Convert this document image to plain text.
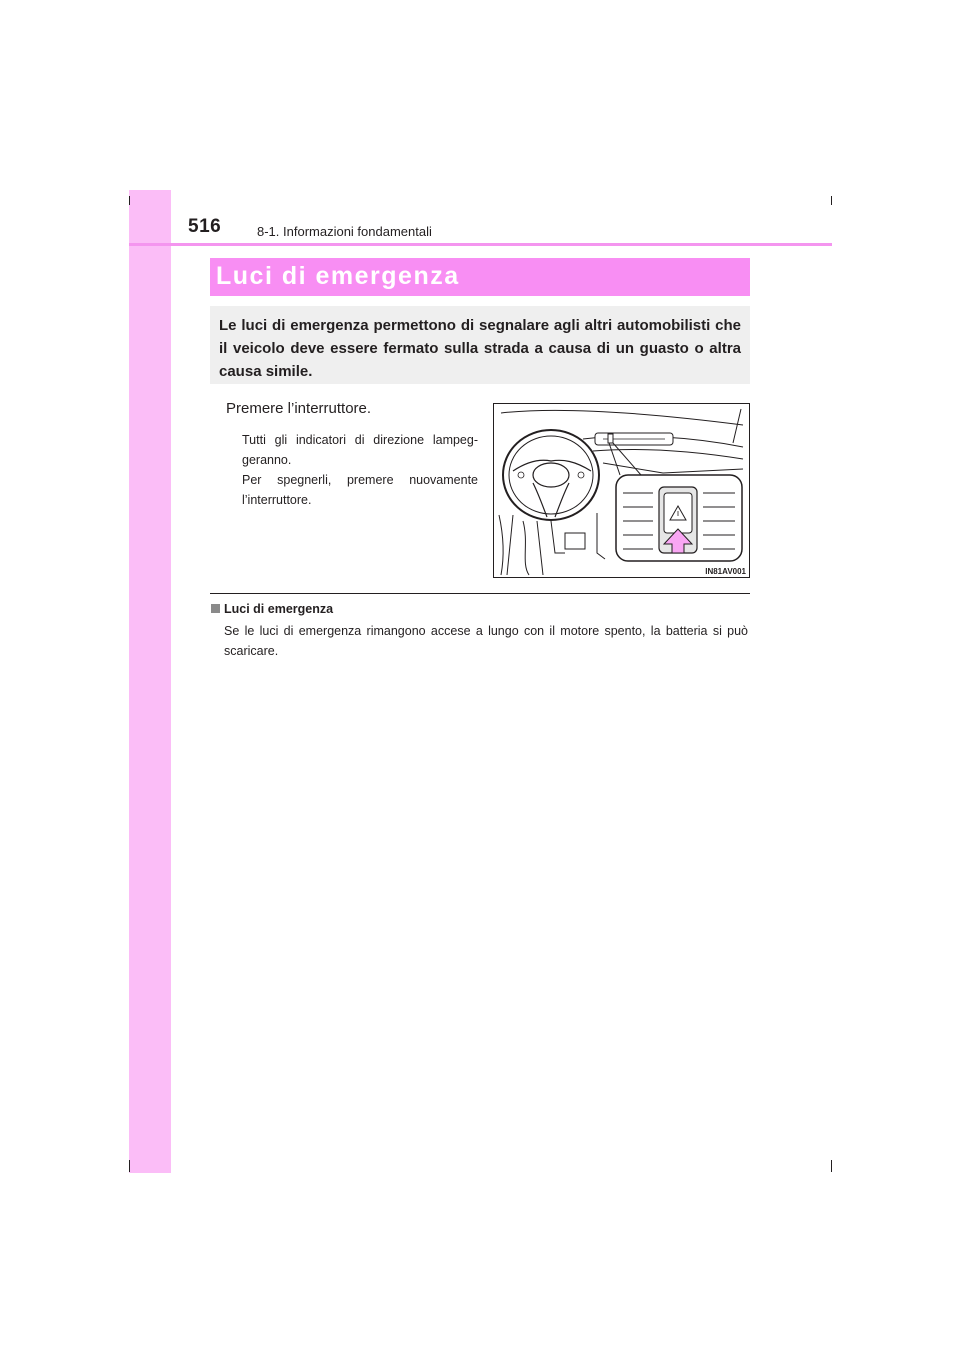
516	8-1. Informazioni fondamentali
Luci di emergenza
Le luci di emergenza permettono di segnalare agli altri automobilisti che il veicolo deve essere fermato sulla strada a causa di un guasto o altra causa simile.
Premere l’interruttore.
Tutti gli indicatori di direzione lampeg-geranno.
Per spegnerli, premere nuovamente l’interruttore.
IN81AV001
Luci di emergenza
Se le luci di emergenza rimangono accese a lungo con il motore spento, la batteria si può scaricare.
